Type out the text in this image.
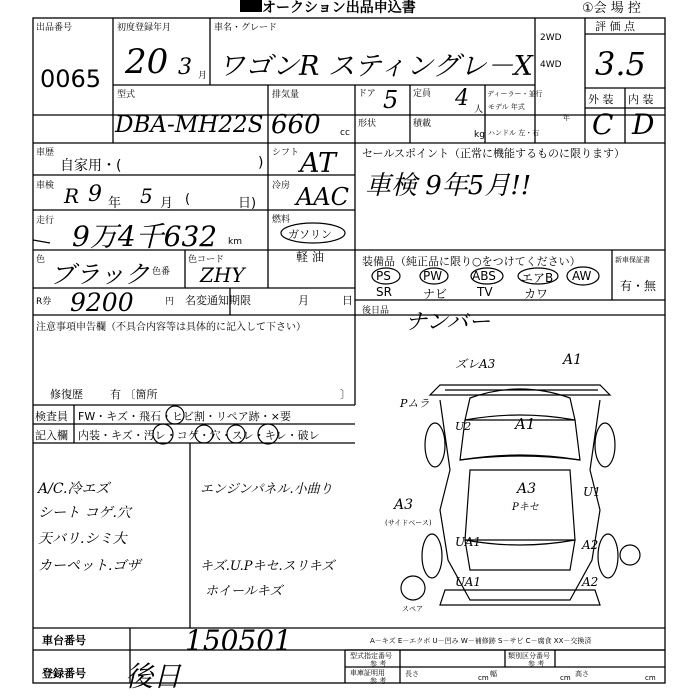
オークション出品申込書	①会 場 控
出品番号
0065
初度登録年月
20 3 月
車名・グレード
ワゴンR スティングレ－X
2WD
4WD
評 価 点
3.5
外 装 内 装
C D
型式
DBA-MH22S
排気量
660 cc
ドア 5
形状
定員 4 人
積載
kg
ディーラー・並行
モデル 年式
年
ハンドル 左・右
車歴
自家用・(	)
シフト AT
車検 R 9 年 5 月 (	日)
冷房 AAC
走行 9万4千632 km
燃料
ガソリン
軽 油
色 ブラック 色番
色コード
ZHY
R券 9200	円 名変通知期限	月	日
セールスポイント（正常に機能するものに限ります）
車検 9年5月!!
装備品（純正品に限り○をつけてください）
PS	PW ABS エアB AW
SR	ナビ TV	カワ
新車保証書
有・無
後日品 ナンバー
注意事項申告欄（不具合内容等は具体的に記入して下さい）
修復歴 有 〔箇所	〕
検査員
記入欄
FW・キズ・飛石・ヒビ割・リペア跡・×要
内装・キズ・汚レ・コゲ・穴・スレ・キレ・破レ
A/C.冷エズ
シート コゲ.穴
天バリ.シミ大
カーペット.ゴザ
エンジンパネル.小曲り
キズ.U.Pキセ.スリキズ
ホイールキズ
ズレA3	A1
Pムラ
U2	A1
A3
Pキセ
U1
A3
(サイドベース)
UA1	A2
UA1	A2
スペア
A－キズ E－エクボ U－凹み W－補修跡 S－サビ C－腐食 XX－交換済
車台番号	150501
登録番号 後日
型式指定番号
参 考
類別区分番号
参 考
車庫証明用
参 考
長さ	cm 幅	cm 高さ	cm
